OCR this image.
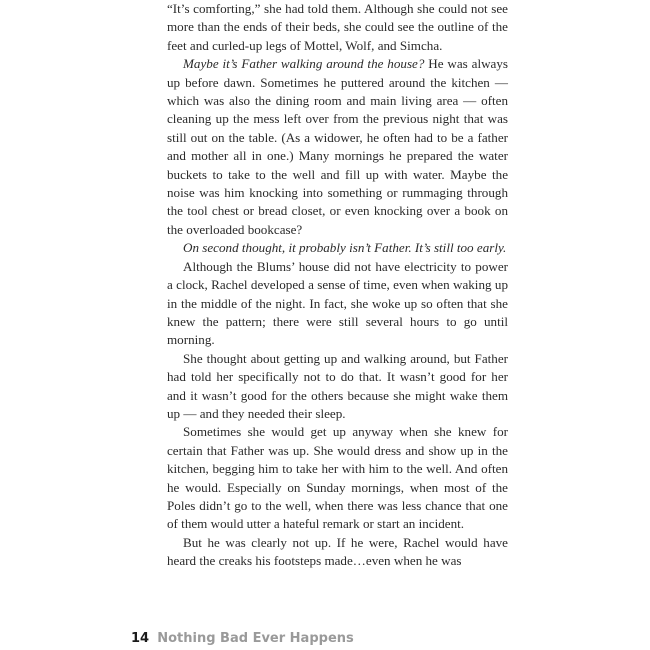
“It’s comforting,” she had told them. Although she could not see more than the ends of their beds, she could see the outline of the feet and curled-up legs of Mottel, Wolf, and Simcha.

Maybe it’s Father walking around the house? He was always up before dawn. Sometimes he puttered around the kitchen — which was also the dining room and main living area — often cleaning up the mess left over from the previous night that was still out on the table. (As a widower, he often had to be a father and mother all in one.) Many mornings he prepared the water buckets to take to the well and fill up with water. Maybe the noise was him knocking into something or rummaging through the tool chest or bread closet, or even knocking over a book on the overloaded bookcase?

On second thought, it probably isn’t Father. It’s still too early.

Although the Blums’ house did not have electricity to power a clock, Rachel developed a sense of time, even when waking up in the middle of the night. In fact, she woke up so often that she knew the pattern; there were still several hours to go until morning.

She thought about getting up and walking around, but Father had told her specifically not to do that. It wasn’t good for her and it wasn’t good for the others because she might wake them up — and they needed their sleep.

Sometimes she would get up anyway when she knew for certain that Father was up. She would dress and show up in the kitchen, begging him to take her with him to the well. And often he would. Especially on Sunday mornings, when most of the Poles didn’t go to the well, when there was less chance that one of them would utter a hateful remark or start an incident.

But he was clearly not up. If he were, Rachel would have heard the creaks his footsteps made…even when he was

14 Nothing Bad Ever Happens
